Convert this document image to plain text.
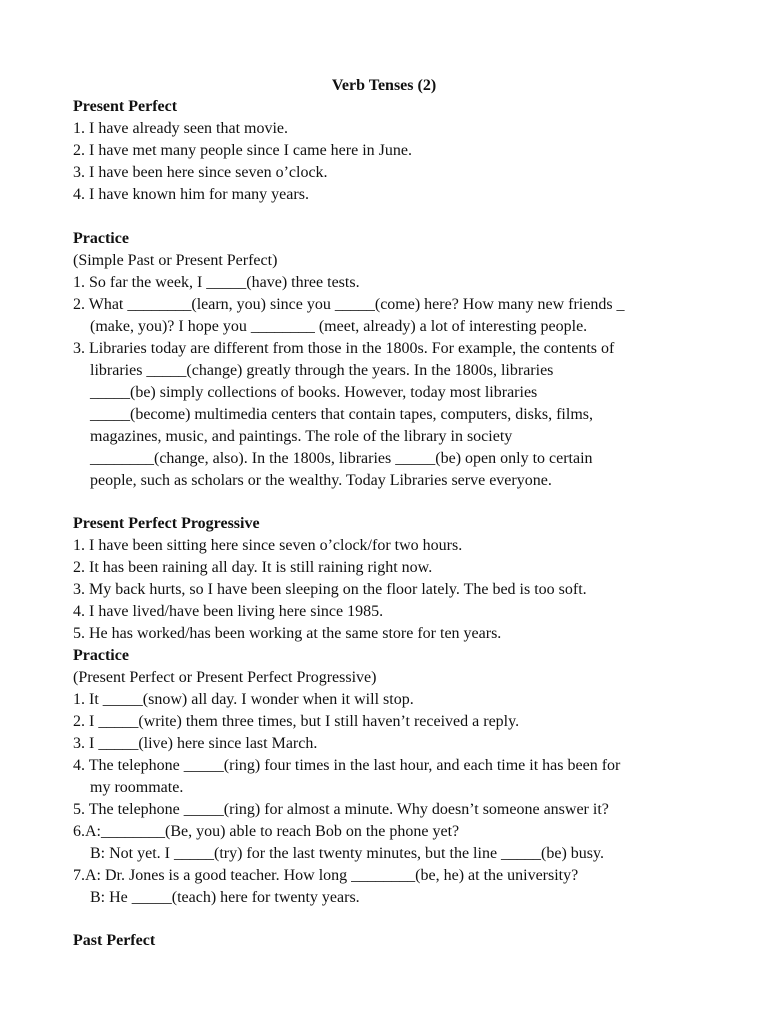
Verb Tenses (2)
Present Perfect
1. I have already seen that movie.
2. I have met many people since I came here in June.
3. I have been here since seven o’clock.
4. I have known him for many years.
Practice
(Simple Past or Present Perfect)
1. So far the week, I _____(have) three tests.
2. What ________(learn, you) since you _____(come) here? How many new friends _
(make, you)? I hope you ________ (meet, already) a lot of interesting people.
3. Libraries today are different from those in the 1800s. For example, the contents of
libraries _____(change) greatly through the years. In the 1800s, libraries
_____(be) simply collections of books. However, today most libraries
_____(become) multimedia centers that contain tapes, computers, disks, films,
magazines, music, and paintings. The role of the library in society
________(change, also). In the 1800s, libraries _____(be) open only to certain
people, such as scholars or the wealthy. Today Libraries serve everyone.
Present Perfect Progressive
1. I have been sitting here since seven o’clock/for two hours.
2. It has been raining all day. It is still raining right now.
3. My back hurts, so I have been sleeping on the floor lately. The bed is too soft.
4. I have lived/have been living here since 1985.
5. He has worked/has been working at the same store for ten years.
Practice
(Present Perfect or Present Perfect Progressive)
1. It _____(snow) all day. I wonder when it will stop.
2. I _____(write) them three times, but I still haven’t received a reply.
3. I _____(live) here since last March.
4. The telephone _____(ring) four times in the last hour, and each time it has been for
my roommate.
5. The telephone _____(ring) for almost a minute. Why doesn’t someone answer it?
6.A:________(Be, you) able to reach Bob on the phone yet?
B: Not yet. I _____(try) for the last twenty minutes, but the line _____(be) busy.
7.A: Dr. Jones is a good teacher. How long ________(be, he) at the university?
B: He _____(teach) here for twenty years.
Past Perfect
